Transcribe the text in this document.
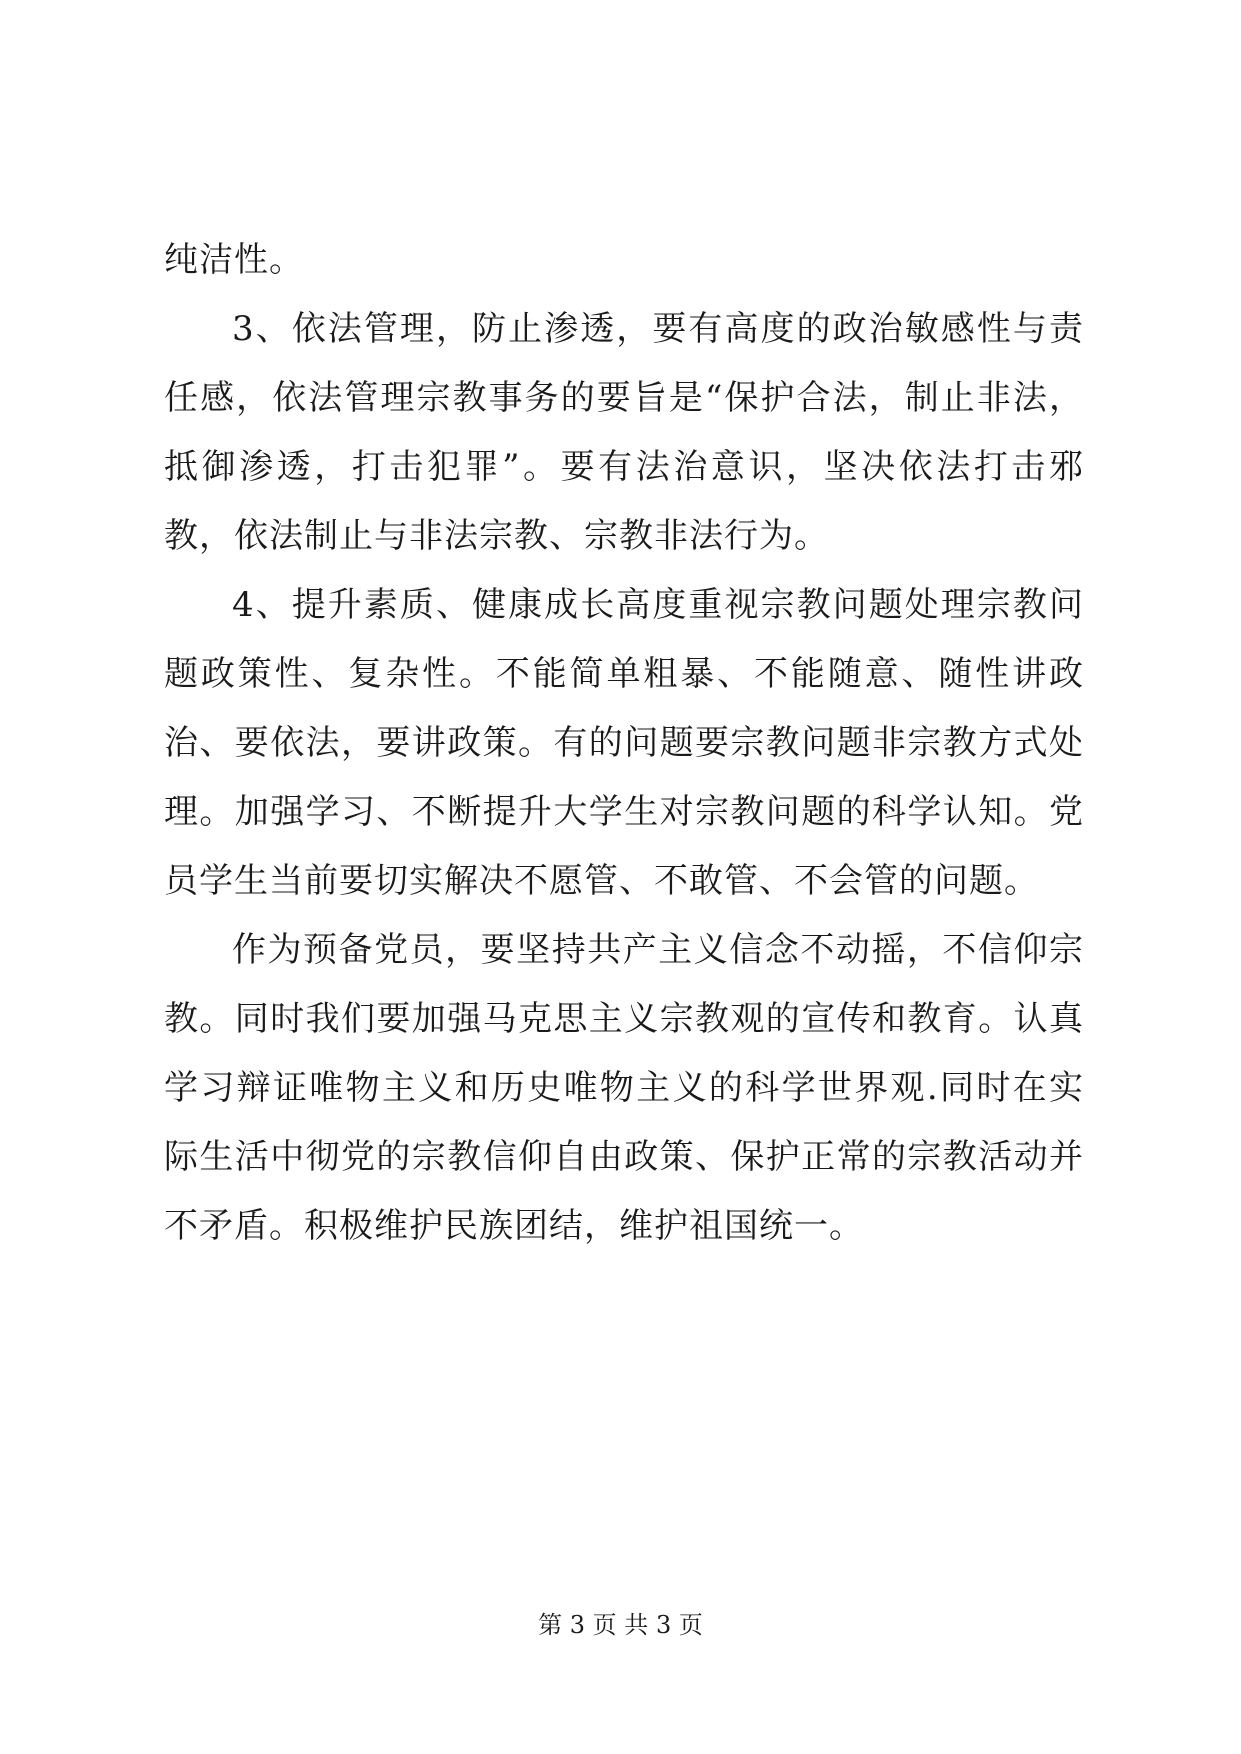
纯洁性。

3、依法管理，防止渗透，要有高度的政治敏感性与责任感，依法管理宗教事务的要旨是“保护合法，制止非法，抵御渗透，打击犯罪”。要有法治意识，坚决依法打击邪教，依法制止与非法宗教、宗教非法行为。

4、提升素质、健康成长高度重视宗教问题处理宗教问题政策性、复杂性。不能简单粗暴、不能随意、随性讲政治、要依法，要讲政策。有的问题要宗教问题非宗教方式处理。加强学习、不断提升大学生对宗教问题的科学认知。党员学生当前要切实解决不愿管、不敢管、不会管的问题。

作为预备党员，要坚持共产主义信念不动摇，不信仰宗教。同时我们要加强马克思主义宗教观的宣传和教育。认真学习辩证唯物主义和历史唯物主义的科学世界观.同时在实际生活中彻党的宗教信仰自由政策、保护正常的宗教活动并不矛盾。积极维护民族团结，维护祖国统一。

第 3 页 共 3 页
